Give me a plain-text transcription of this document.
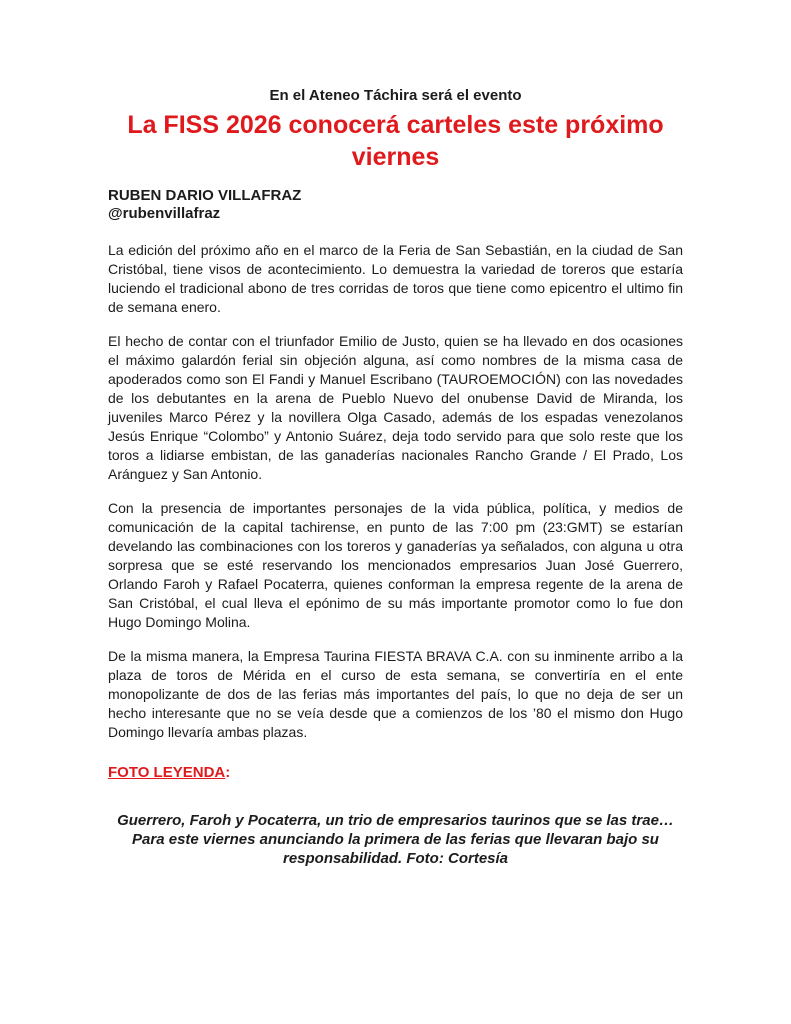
En el Ateneo Táchira será el evento

La FISS 2026 conocerá carteles este próximo viernes

RUBEN DARIO VILLAFRAZ

@rubenvillafraz

La edición del próximo año en el marco de la Feria de San Sebastián, en la ciudad de San Cristóbal, tiene visos de acontecimiento. Lo demuestra la variedad de toreros que estaría luciendo el tradicional abono de tres corridas de toros que tiene como epicentro el ultimo fin de semana enero.

El hecho de contar con el triunfador Emilio de Justo, quien se ha llevado en dos ocasiones el máximo galardón ferial sin objeción alguna, así como nombres de la misma casa de apoderados como son El Fandi y Manuel Escribano (TAUROEMOCIÓN) con las novedades de los debutantes en la arena de Pueblo Nuevo del onubense David de Miranda, los juveniles Marco Pérez y la novillera Olga Casado, además de los espadas venezolanos Jesús Enrique “Colombo” y Antonio Suárez, deja todo servido para que solo reste que los toros a lidiarse embistan, de las ganaderías nacionales Rancho Grande / El Prado, Los Aránguez y San Antonio.

Con la presencia de importantes personajes de la vida pública, política, y medios de comunicación de la capital tachirense, en punto de las 7:00 pm (23:GMT) se estarían develando las combinaciones con los toreros y ganaderías ya señalados, con alguna u otra sorpresa que se esté reservando los mencionados empresarios Juan José Guerrero, Orlando Faroh y Rafael Pocaterra, quienes conforman la empresa regente de la arena de San Cristóbal, el cual lleva el epónimo de su más importante promotor como lo fue don Hugo Domingo Molina.

De la misma manera, la Empresa Taurina FIESTA BRAVA C.A. con su inminente arribo a la plaza de toros de Mérida en el curso de esta semana, se convertiría en el ente monopolizante de dos de las ferias más importantes del país, lo que no deja de ser un hecho interesante que no se veía desde que a comienzos de los ’80 el mismo don Hugo Domingo llevaría ambas plazas.

FOTO LEYENDA:

Guerrero, Faroh y Pocaterra, un trio de empresarios taurinos que se las trae… Para este viernes anunciando la primera de las ferias que llevaran bajo su responsabilidad. Foto: Cortesía
